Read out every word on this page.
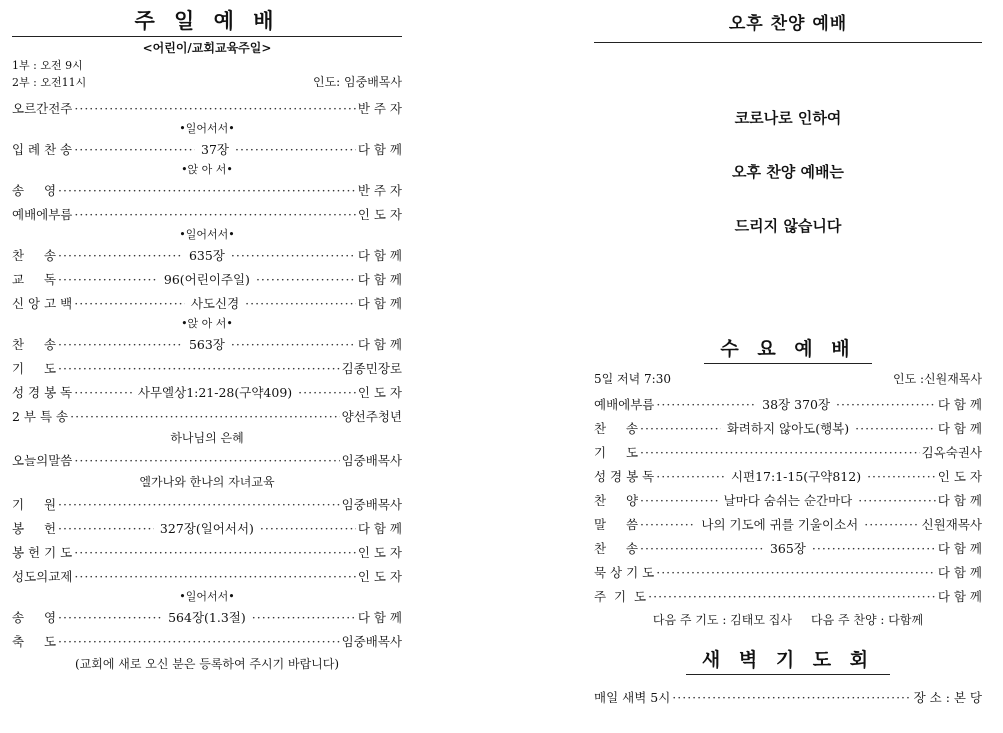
주 일 예 배
<어린이/교회교육주일>
1부 : 오전 9시
2부 : 오전11시	인도: 임중배목사
오르간전주 ·····	반 주 자
•일어서서•
입 례 찬 송 ·····	37장 ·····	다 함 께
•앉 아 서•
송     영 ·····	반 주 자
예배에부름 ·····	인 도 자
•일어서서•
찬     송 ·····	635장 ·····	다 함 께
교     독 ·····	96(어린이주일) ·····	다 함 께
신 앙 고 백 ·····	사도신경 ·····	다 함 께
•앉 아 서•
찬     송 ·····	563장 ·····	다 함 께
기     도 ·····	김종민장로
성 경 봉 독 ·····	사무엘상1:21-28(구약409) ·····	인 도 자
2 부 특 송 ·····	양선주청년
하나님의 은혜
오늘의말씀 ·····	임중배목사
엘가나와 한나의 자녀교육
기     원 ·····	임중배목사
봉     헌 ·····	327장(일어서서) ·····	다 함 께
봉 헌 기 도 ·····	인 도 자
성도의교제 ·····	인 도 자
•일어서서•
송     영 ·····	564장(1.3절) ·····	다 함 께
축     도 ·····	임중배목사
(교회에 새로 오신 분은 등록하여 주시기 바랍니다)
오후 찬양 예배
코로나로 인하여
오후 찬양 예배는
드리지 않습니다
수 요 예 배
5일 저녁 7:30	인도 :신원재목사
예배에부름 ·····	38장 370장 ·····	다 함 께
찬     송 ·····	화려하지 않아도(행복) ·····	다 함 께
기     도 ·····	김옥숙권사
성 경 봉 독 ·····	시편17:1-15(구약812) ·····	인 도 자
찬     양 ·····	날마다 숨쉬는 순간마다 ·····	다 함 께
말     씀 ·····	나의 기도에 귀를 기울이소서 ·····	신원재목사
찬     송 ·····	365장 ·····	다 함 께
묵 상 기 도 ·····	다 함 께
주  기  도 ·····	다 함 께
다음 주 기도 : 김태모 집사     다음 주 찬양 : 다함께
새 벽 기 도 회
매일 새벽 5시 ·····	장 소 : 본 당
